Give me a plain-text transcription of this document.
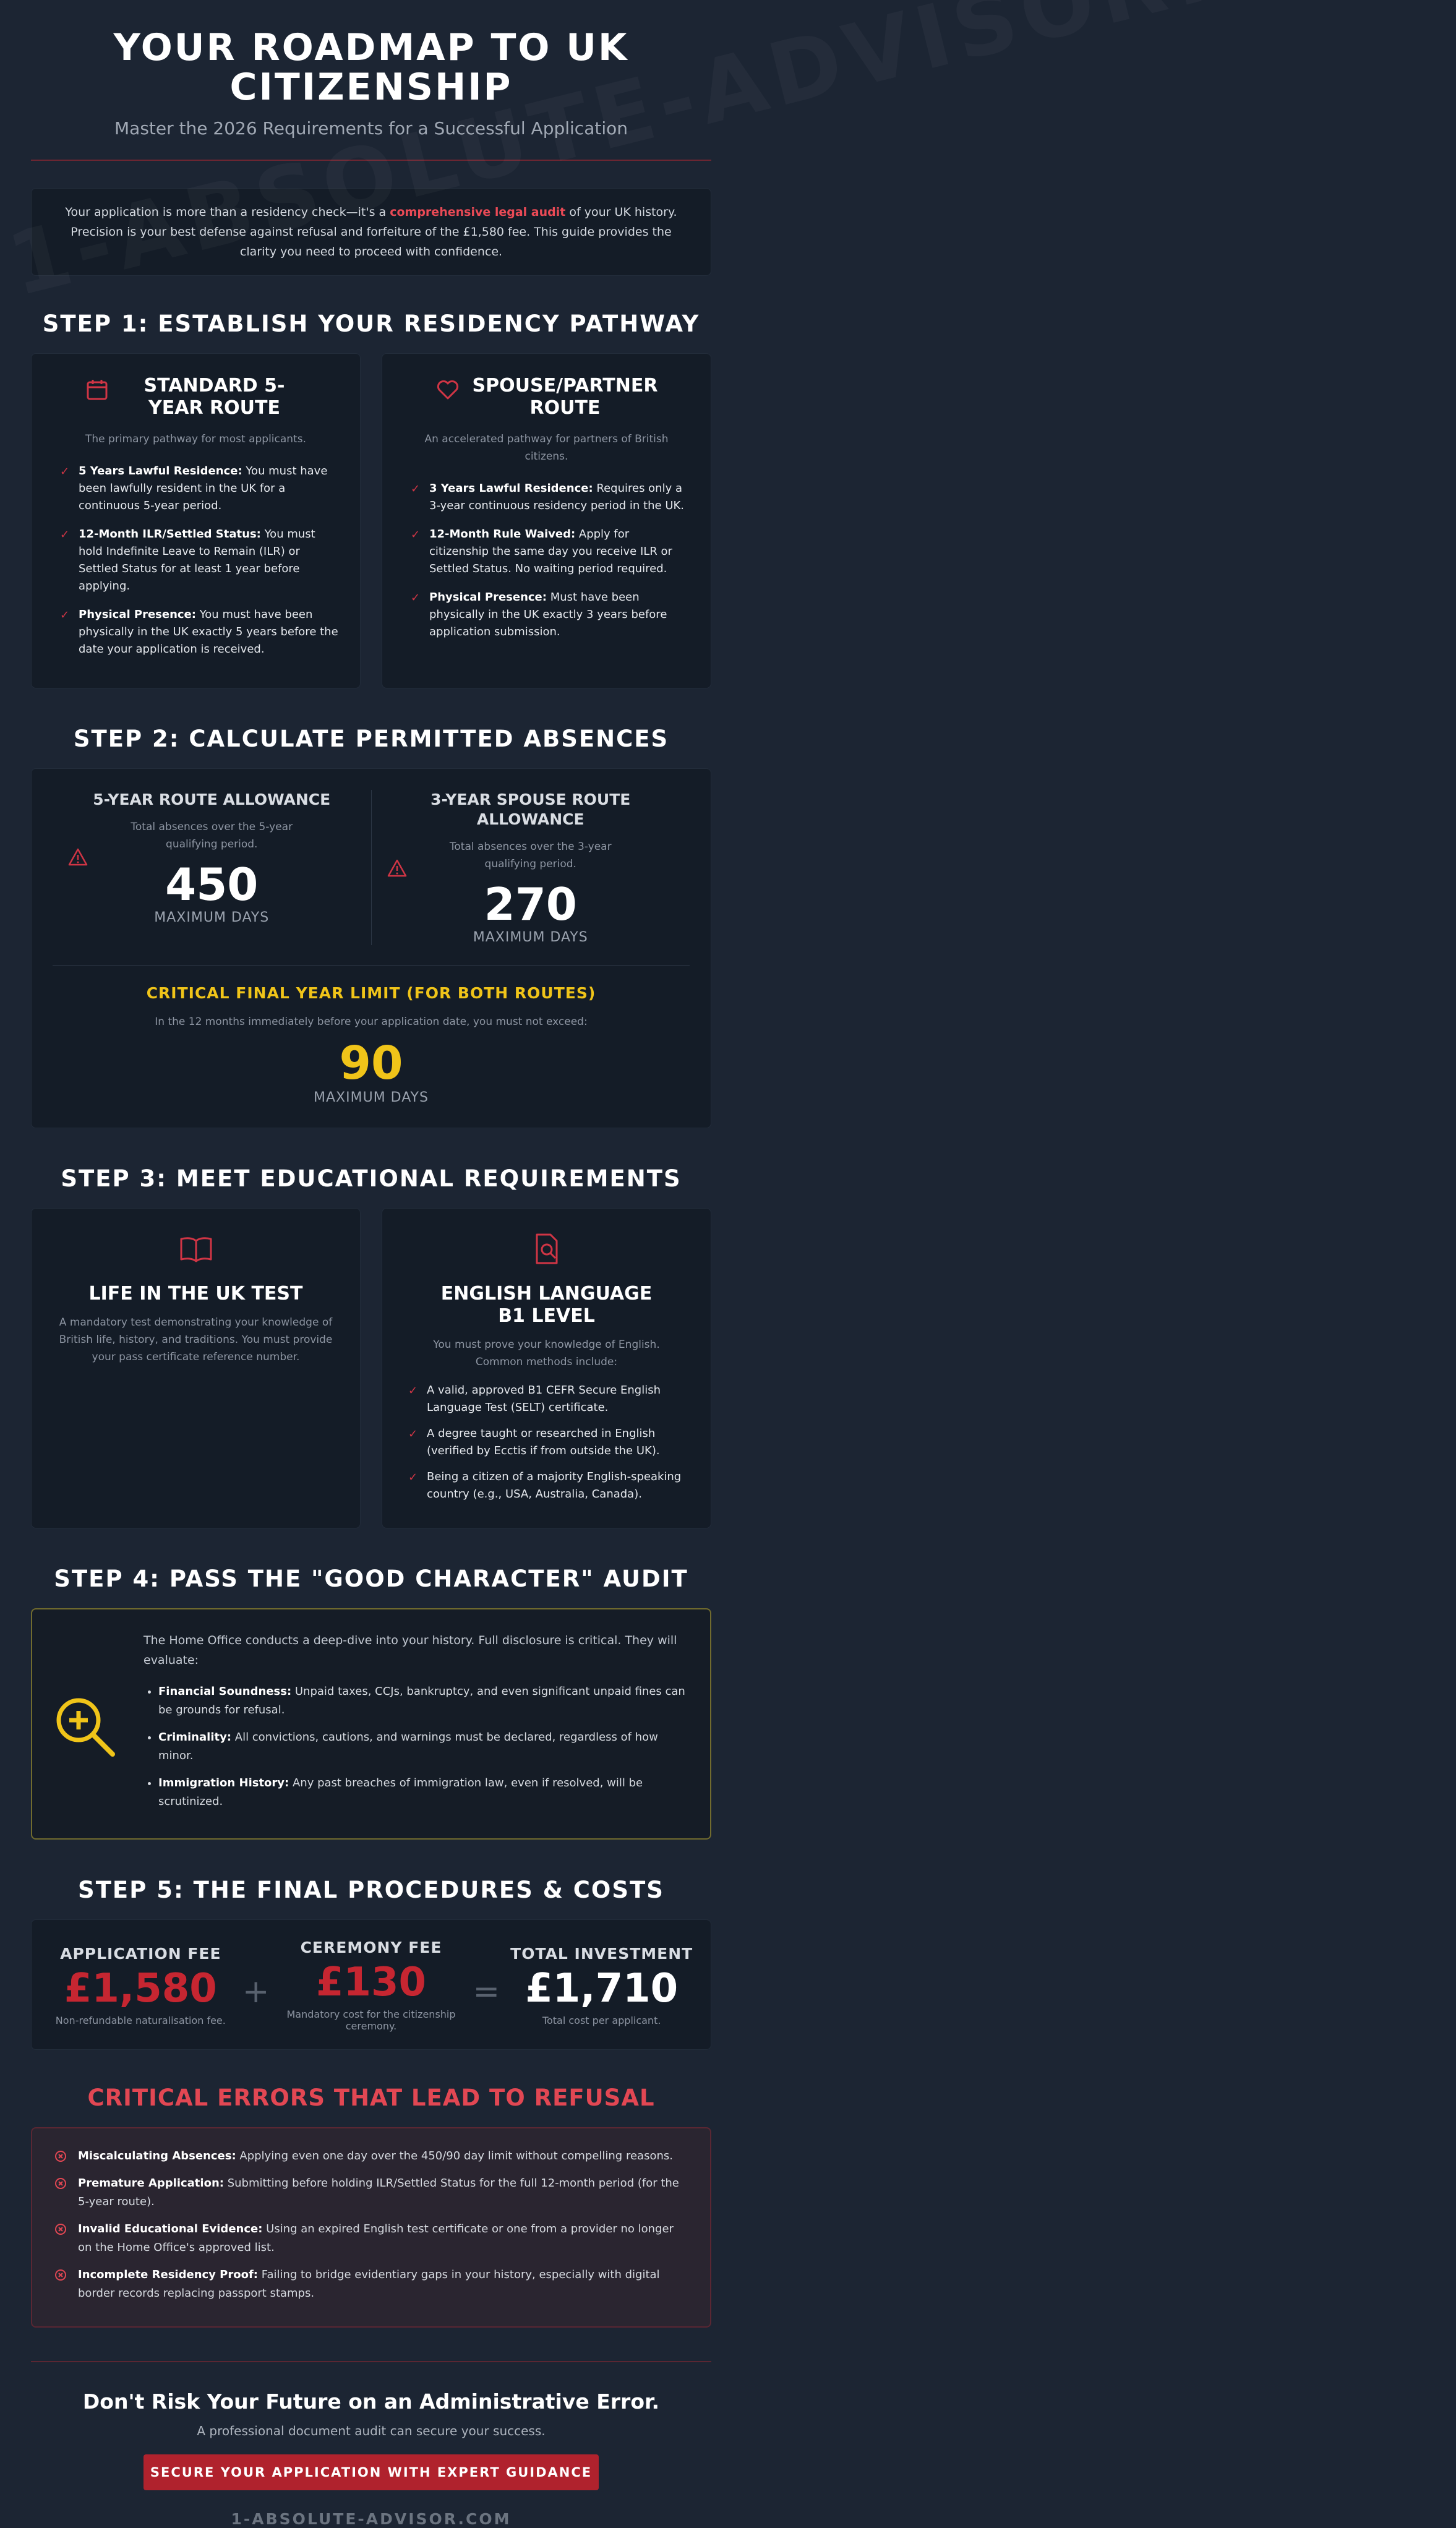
YOUR ROADMAP TO UK CITIZENSHIP
Master the 2026 Requirements for a Successful Application
Your application is more than a residency check—it's a comprehensive legal audit of your UK history. Precision is your best defense against refusal and forfeiture of the £1,580 fee. This guide provides the clarity you need to proceed with confidence.
STEP 1: ESTABLISH YOUR RESIDENCY PATHWAY
STANDARD 5-YEAR ROUTE
The primary pathway for most applicants.
✓ 5 Years Lawful Residence: You must have been lawfully resident in the UK for a continuous 5-year period.
✓ 12-Month ILR/Settled Status: You must hold Indefinite Leave to Remain (ILR) or Settled Status for at least 1 year before applying.
✓ Physical Presence: You must have been physically in the UK exactly 5 years before the date your application is received.
SPOUSE/PARTNER ROUTE
An accelerated pathway for partners of British citizens.
✓ 3 Years Lawful Residence: Requires only a 3-year continuous residency period in the UK.
✓ 12-Month Rule Waived: Apply for citizenship the same day you receive ILR or Settled Status. No waiting period required.
✓ Physical Presence: Must have been physically in the UK exactly 3 years before application submission.
STEP 2: CALCULATE PERMITTED ABSENCES
5-YEAR ROUTE ALLOWANCE
Total absences over the 5-year qualifying period.
450
MAXIMUM DAYS
3-YEAR SPOUSE ROUTE ALLOWANCE
Total absences over the 3-year qualifying period.
270
MAXIMUM DAYS
CRITICAL FINAL YEAR LIMIT (FOR BOTH ROUTES)
In the 12 months immediately before your application date, you must not exceed:
90
MAXIMUM DAYS
STEP 3: MEET EDUCATIONAL REQUIREMENTS
LIFE IN THE UK TEST
A mandatory test demonstrating your knowledge of British life, history, and traditions. You must provide your pass certificate reference number.
ENGLISH LANGUAGE B1 LEVEL
You must prove your knowledge of English. Common methods include:
✓ A valid, approved B1 CEFR Secure English Language Test (SELT) certificate.
✓ A degree taught or researched in English (verified by Ecctis if from outside the UK).
✓ Being a citizen of a majority English-speaking country (e.g., USA, Australia, Canada).
STEP 4: PASS THE "GOOD CHARACTER" AUDIT

The Home Office conducts a deep-dive into your history. Full disclosure is critical. They will evaluate:

• Financial Soundness: Unpaid taxes, CCJs, bankruptcy, and even significant unpaid fines can be grounds for refusal.
• Criminality: All convictions, cautions, and warnings must be declared, regardless of how minor.
• Immigration History: Any past breaches of immigration law, even if resolved, will be scrutinized.
STEP 5: THE FINAL PROCEDURES & COSTS
APPLICATION FEE
£1,580
Non-refundable naturalisation fee.
+
CEREMONY FEE
£130
Mandatory cost for the citizenship ceremony.
=
TOTAL INVESTMENT
£1,710
Total cost per applicant.
CRITICAL ERRORS THAT LEAD TO REFUSAL
Miscalculating Absences: Applying even one day over the 450/90 day limit without compelling reasons.
Premature Application: Submitting before holding ILR/Settled Status for the full 12-month period (for the 5-year route).
Invalid Educational Evidence: Using an expired English test certificate or one from a provider no longer on the Home Office's approved list.
Incomplete Residency Proof: Failing to bridge evidentiary gaps in your history, especially with digital border records replacing passport stamps.
Don't Risk Your Future on an Administrative Error.
A professional document audit can secure your success.
SECURE YOUR APPLICATION WITH EXPERT GUIDANCE
1-ABSOLUTE-ADVISOR.COM
